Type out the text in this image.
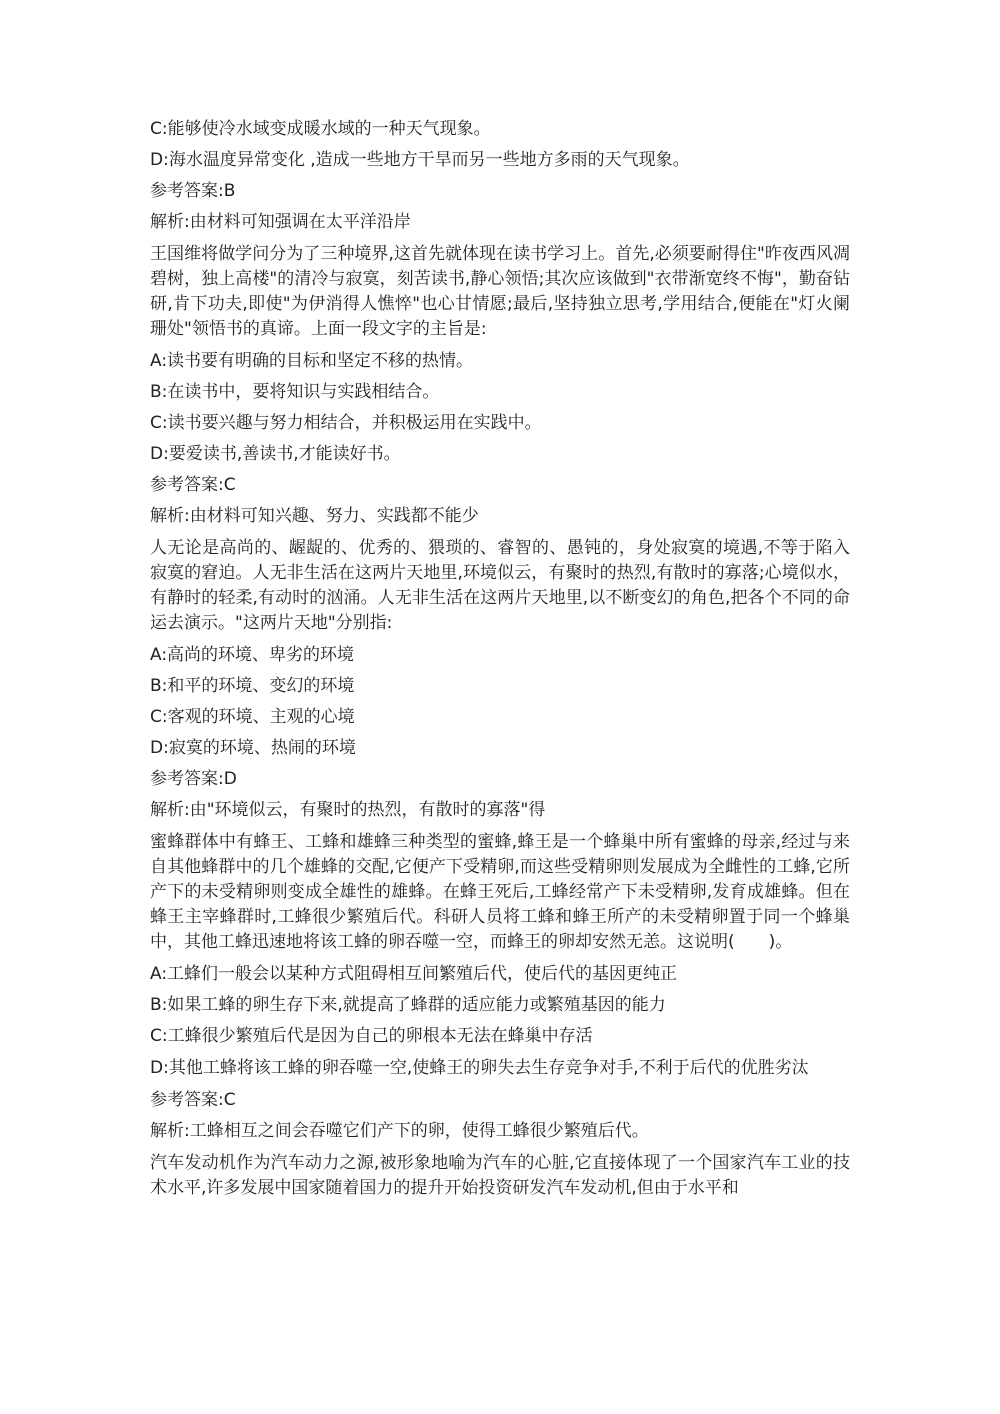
C:能够使冷水域变成暖水域的一种天气现象。
D:海水温度异常变化 ,造成一些地方干旱而另一些地方多雨的天气现象。
参考答案:B
解析:由材料可知强调在太平洋沿岸
王国维将做学问分为了三种境界,这首先就体现在读书学习上。首先,必须要耐得住"昨夜西风凋碧树，独上高楼"的清冷与寂寞，刻苦读书,静心领悟;其次应该做到"衣带渐宽终不悔"，勤奋钻研,肯下功夫,即使"为伊消得人憔悴"也心甘情愿;最后,坚持独立思考,学用结合,便能在"灯火阑珊处"领悟书的真谛。上面一段文字的主旨是:
A:读书要有明确的目标和坚定不移的热情。
B:在读书中，要将知识与实践相结合。
C:读书要兴趣与努力相结合，并积极运用在实践中。
D:要爱读书,善读书,才能读好书。
参考答案:C
解析:由材料可知兴趣、努力、实践都不能少
人无论是高尚的、龌龊的、优秀的、猥琐的、睿智的、愚钝的，身处寂寞的境遇,不等于陷入寂寞的窘迫。人无非生活在这两片天地里,环境似云，有聚时的热烈,有散时的寡落;心境似水，有静时的轻柔,有动时的汹涌。人无非生活在这两片天地里,以不断变幻的角色,把各个不同的命运去演示。"这两片天地"分别指:
A:高尚的环境、卑劣的环境
B:和平的环境、变幻的环境
C:客观的环境、主观的心境
D:寂寞的环境、热闹的环境
参考答案:D
解析:由"环境似云，有聚时的热烈，有散时的寡落"得
蜜蜂群体中有蜂王、工蜂和雄蜂三种类型的蜜蜂,蜂王是一个蜂巢中所有蜜蜂的母亲,经过与来自其他蜂群中的几个雄蜂的交配,它便产下受精卵,而这些受精卵则发展成为全雌性的工蜂,它所产下的未受精卵则变成全雄性的雄蜂。在蜂王死后,工蜂经常产下未受精卵,发育成雄蜂。但在蜂王主宰蜂群时,工蜂很少繁殖后代。科研人员将工蜂和蜂王所产的未受精卵置于同一个蜂巢中，其他工蜂迅速地将该工蜂的卵吞噬一空，而蜂王的卵却安然无恙。这说明(　　)。
A:工蜂们一般会以某种方式阻碍相互间繁殖后代，使后代的基因更纯正
B:如果工蜂的卵生存下来,就提高了蜂群的适应能力或繁殖基因的能力
C:工蜂很少繁殖后代是因为自己的卵根本无法在蜂巢中存活
D:其他工蜂将该工蜂的卵吞噬一空,使蜂王的卵失去生存竞争对手,不利于后代的优胜劣汰
参考答案:C
解析:工蜂相互之间会吞噬它们产下的卵，使得工蜂很少繁殖后代。
汽车发动机作为汽车动力之源,被形象地喻为汽车的心脏,它直接体现了一个国家汽车工业的技术水平,许多发展中国家随着国力的提升开始投资研发汽车发动机,但由于水平和
